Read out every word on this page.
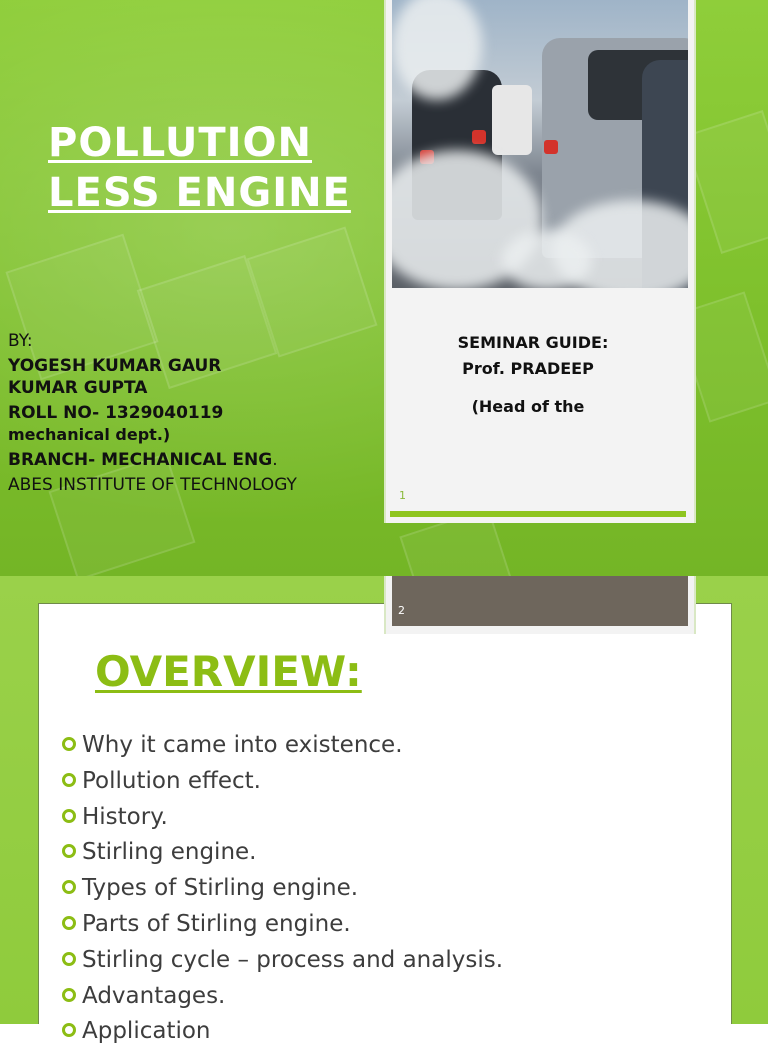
POLLUTION
LESS ENGINE
BY:
YOGESH KUMAR GAUR
KUMAR GUPTA
ROLL NO- 1329040119
mechanical dept.)
BRANCH- MECHANICAL ENG.
ABES INSTITUTE OF TECHNOLOGY
SEMINAR GUIDE:
Prof. PRADEEP
(Head of the
1
2
OVERVIEW:
Why it came into existence.
Pollution effect.
History.
Stirling engine.
Types of Stirling engine.
Parts of Stirling engine.
Stirling cycle – process and analysis.
Advantages.
Application
